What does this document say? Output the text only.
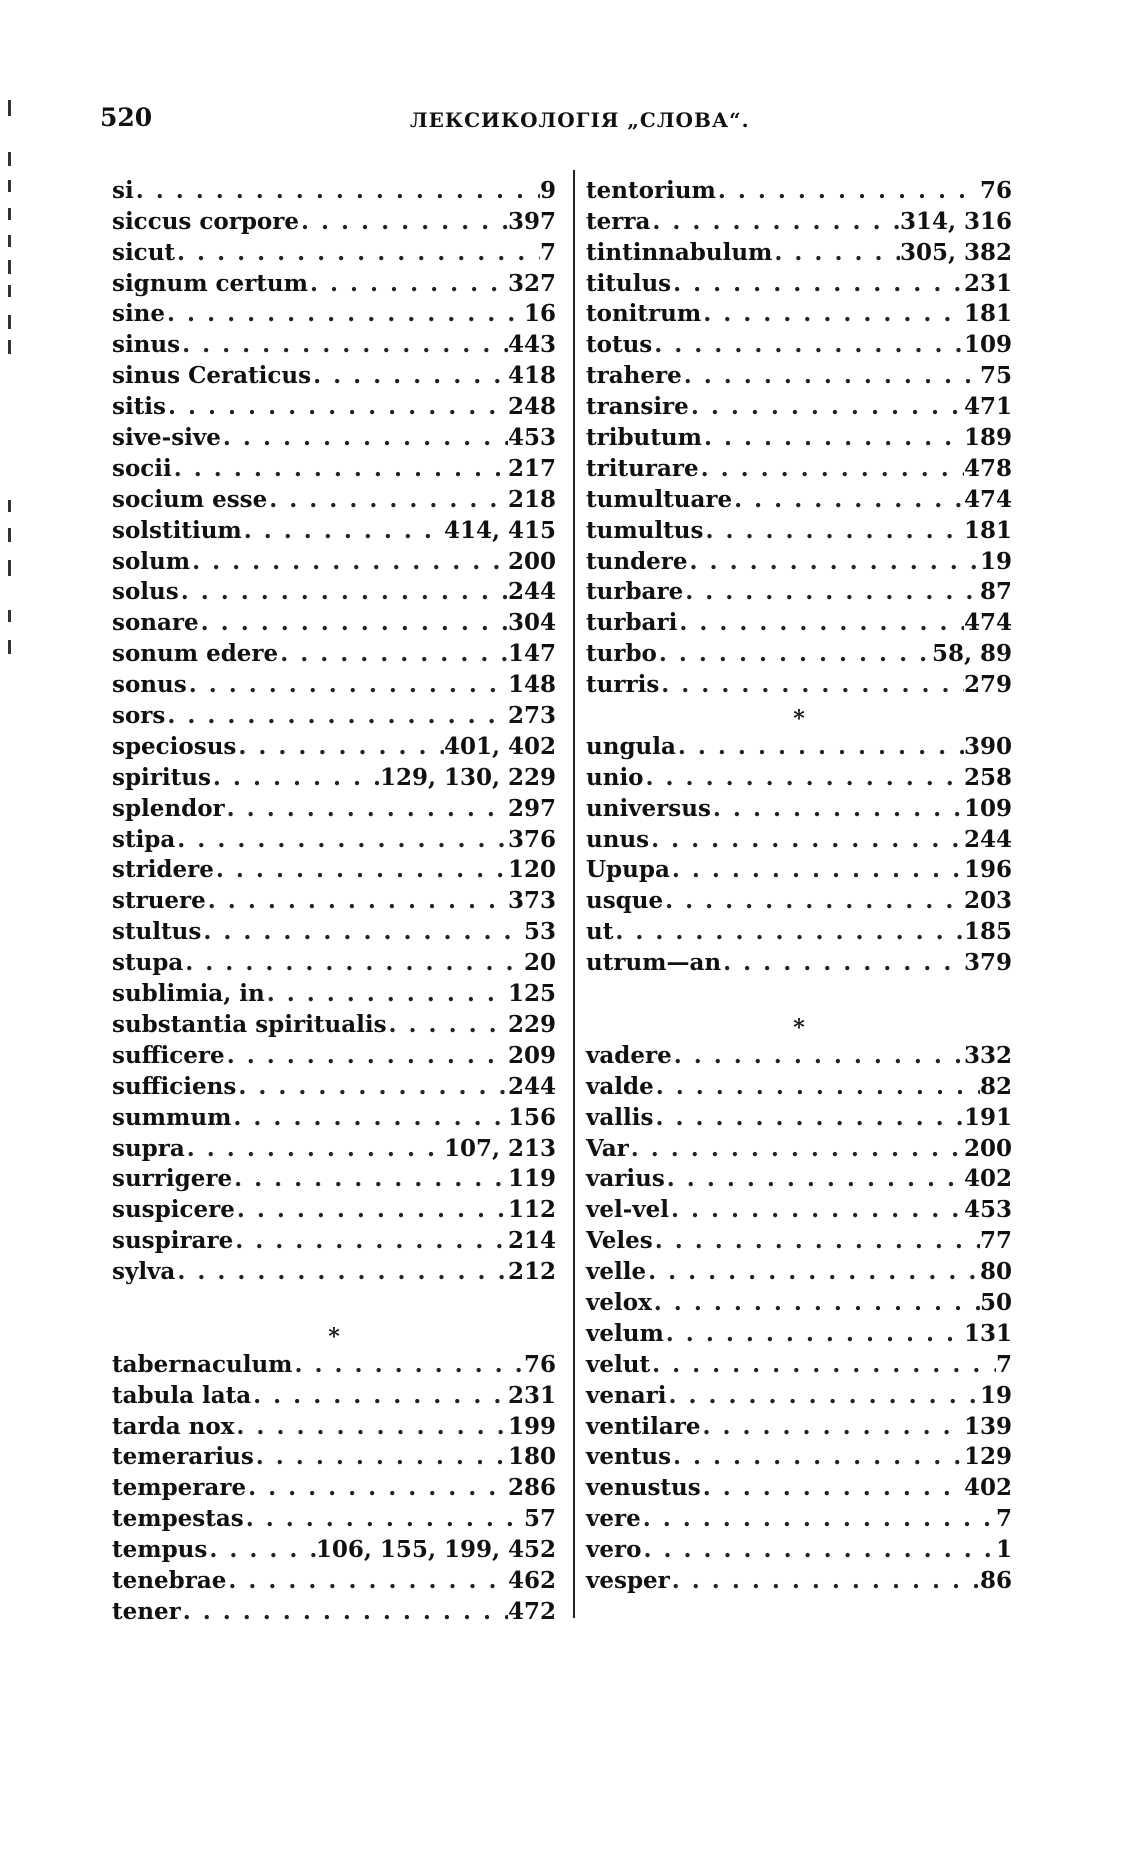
520	ЛЕКСИКОЛОГІЯ „СЛОВА“.
si . . .	9
siccus corpore . . .	397
sicut . . .	7
signum certum . . .	327
sine . . .	16
sinus . . .	443
sinus Ceraticus . . .	418
sitis . . .	248
sive-sive . . .	453
socii . . .	217
socium esse . . .	218
solstitium . . .	414, 415
solum . . .	200
solus . . .	244
sonare . . .	304
sonum edere . . .	147
sonus . . .	148
sors . . .	273
speciosus . . .	401, 402
spiritus . . .	129, 130, 229
splendor . . .	297
stipa . . .	376
stridere . . .	120
struere . . .	373
stultus . . .	53
stupa . . .	20
sublimia, in . . .	125
substantia spiritualis . . .	229
sufficere . . .	209
sufficiens . . .	244
summum . . .	156
supra . . .	107, 213
surrigere . . .	119
suspicere . . .	112
suspirare . . .	214
sylva . . .	212
*
tabernaculum . . .	76
tabula lata . . .	231
tarda nox . . .	199
temerarius . . .	180
temperare . . .	286
tempestas . . .	57
tempus . . .	106, 155, 199, 452
tenebrae . . .	462
tener . . .	472
tentorium . . .	76
terra . . .	314, 316
tintinnabulum . . .	305, 382
titulus . . .	231
tonitrum . . .	181
totus . . .	109
trahere . . .	75
transire . . .	471
tributum . . .	189
triturare . . .	478
tumultuare . . .	474
tumultus . . .	181
tundere . . .	19
turbare . . .	87
turbari . . .	474
turbo . . .	58, 89
turris . . .	279
*
ungula . . .	390
unio . . .	258
universus . . .	109
unus . . .	244
Upupa . . .	196
usque . . .	203
ut . . .	185
utrum—an . . .	379
*
vadere . . .	332
valde . . .	82
vallis . . .	191
Var . . .	200
varius . . .	402
vel-vel . . .	453
Veles . . .	77
velle . . .	80
velox . . .	50
velum . . .	131
velut . . .	7
venari . . .	19
ventilare . . .	139
ventus . . .	129
venustus . . .	402
vere . . .	7
vero . . .	1
vesper . . .	86
